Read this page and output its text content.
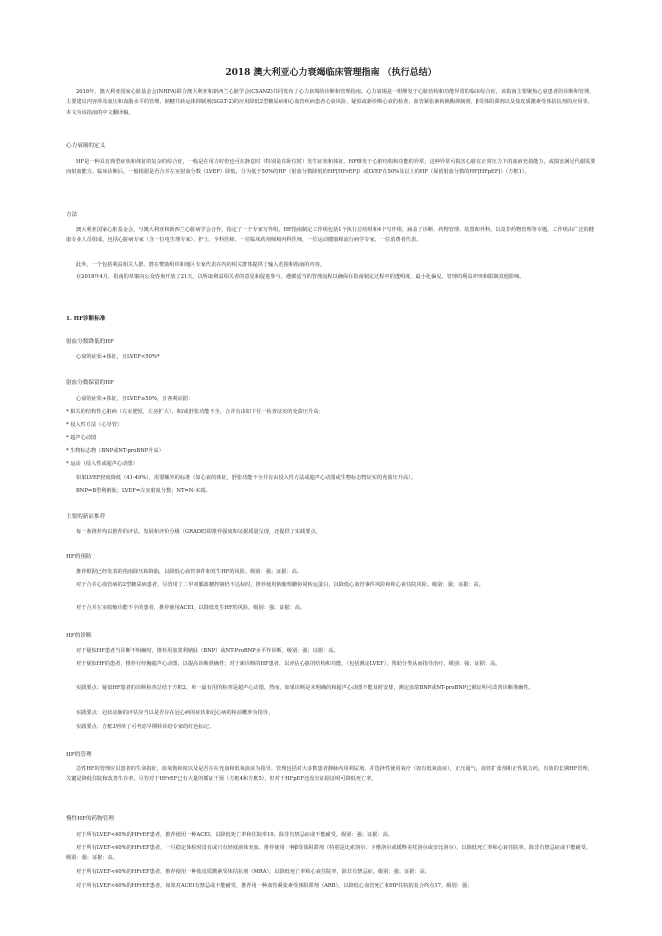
2018 澳大利亚心力衰竭临床管理指南 （执行总结）
2018年，澳大利亚国家心脏基金会(NHFA)联合澳大利亚和新西兰心脏学会(CSANZ)共同发布了心力衰竭的诊断和管理指南。心力衰竭是一组继发于心脏结构和功能异常的临床综合征，该指南主要聚焦心衰患者的诊断和管理，主要建议内容涉及血压和血脂水平的管理、钠糖共转运体抑制剂(SGLT-2)的应用降低2型糖尿病和心血管疾病患者心衰风险、疑似或新诊断心衰的检查、血管紧张素转换酶抑制剂、β受体阻滞剂以及盐皮质激素受体拮抗剂的应用等。本文为该指南的中文翻译稿。
心力衰竭的定义
HF是一种具有典型症状和体征的复杂的综合征，一般是在用力时但也可在静息时（特别是在卧位时）发生症状和体征。HF继发于心脏结构和功能的异常，这种异常可损害心脏在正常压力下的血液充盈能力，或损害满足代谢需要而射血能力。临床诊断后，一般根据是否合并左室射血分数（LVEF）降低，分为低于50%的HF（射血分数降低的HF[HFrEF]）或LVEF在50%及以上的HF（保留射血分数的HF[HFpEF]）（方框1）。
方法
澳大利亚国家心脏基金会，与澳大利亚和新西兰心脏病学会合作，指定了一个专家写作组。HF指南制定工作组包括1个执行总结组和4个写作组，涵盖了诊断、药物管理、装置和外科，以及非药物管理等专题。工作组由广泛的健康专业人员组成，包括心脏病专家（含一位电生理专家）、护士、全科医师、一位临床药剂师和内科医师，一位运动健康和流行病学专家，一位消费者代表。
此外，一个包括利益相关人群、潜在赞助组织和地区专家代表在内的相关群体提供了输入范围和指南的内容。
在2018年4月，指南的草案向公众咨询开放了21天，以听取利益相关者的意见和促进参与。遵循适当的管理流程以确保在指南制定过程中的透明度、最小化偏见、管理的利益冲突和限制其他影响。
1. HF诊断标准
射血分数降低的HF
心衰的症状+体征，且LVEF<50%*
射血分数保留的HF
心衰的症状+体征，且LVEF≥50%，且客观证据：
* 相关的结构性心脏病（左室肥厚，左房扩大），和/或舒张功能不全，合并有由如下任一检查证实的充盈压升高：
* 侵入性方法（心导管）
* 超声心动图
* 生物标志物（BNP或NT-proBNP升高）
* 运动（侵入性或超声心动图）
如果LVEF轻度降低（41-49%），需要额外的标准（如心衰的体征，舒张功能不全并有由侵入性方法或超声心动图或生物标志物证实的充盈压升高）。
BNP=B型利钠肽；LVEF=左室射血分数；NT=N-末端。
主要的新证推荐
每一条推荐均以推荐的评估、发展和评价分级（GRADE)即推荐强度和证据质量呈现，还提供了实践要点。
HF的预防
推荐根据已经发表的指南降压和降脂，以降低心血管事件和发生HF的风险。级别：强；证据：高。
对于合并心血管病的2型糖尿病患者，尽管用了二甲双胍血糖控制仍不达标时，推荐使用钠葡萄糖协同转运蛋白，以降低心血管事件风险和和心衰住院风险。级别：强；证据：高。
对于合并左室收缩功能不全的患者，推荐使用ACEI，以降低发生HF的风险。级别：强；证据：高。
HF的诊断
对于疑似HF患者当诊断不明确时，推荐用血浆利钠肽（BNP）或NT-ProBNP水平作诊断。级别：强；证据：高。
对于疑似HF的患者，推荐行经胸超声心动图，以提高诊断准确性；对于新诊断的HF患者，以评估心脏的结构和功能，（包括测定LVEF），帮助分类从而指导治疗。级别：强；证据：高。
实践要点：疑似HF患者的诊断检查总结于方框2。单一最有用的检查是超声心动图。然而，如果诊断是未明确的和超声心动图不能及时安排，测定血浆BNP或NT-proBNP已被证明可改善诊断准确性。
实践要点：冠状动脉的评估应当以是否存在冠心病的症状和冠心病的检前概率为指导。
实践要点：方框3列举了可考虑早期转诊给专家的红色标记。
HF的管理
急性HF的管理应以患者的生命指征，血氧饱和度以及是否存在充血和低氧血症为指导。管理包括对大多数患者静脉内用利尿剂，并选择性使用氧疗（如有低氧血症），正压通气，血管扩张剂和正性肌力药。有效的长期HF管理，关键是降低住院和改善生存率。尽管对于HFrEF已有大量的循证干预（方框4和方框5），但对于HFpEF还没有证据证明可降低死亡率。
慢性HF的药物管理
对于所有LVEF<40%的HFrEF患者，推荐使用一种ACEI，以降低死亡率和住院率10。除非有禁忌症或不能耐受。级别：强；证据：高。
对于所有LVEF<40%的HFrEF患者，一旦稳定体检时没有或只有轻度液体充血，推荐使用一种β受体阻滞剂（特别是比索洛尔、卡维洛尔或缓释美托洛尔或奈比洛尔），以降低死亡率和心衰住院率。除非有禁忌症或不能耐受。级别：强；证据：高。
对于所有LVEF<40%的HFrEF患者，推荐使用一种盐皮质激素受体拮抗剂（MRA），以降低死亡率和心衰住院率，除非有禁忌症。级别：强；证据：高。
对于所有LVEF<40%的HFrEF患者，如果对ACEI有禁忌或不能耐受，推荐用一种血管紧张素受体阻滞剂（ARB），以降低心血管死亡和HF住院的复合终点17。级别：强；
